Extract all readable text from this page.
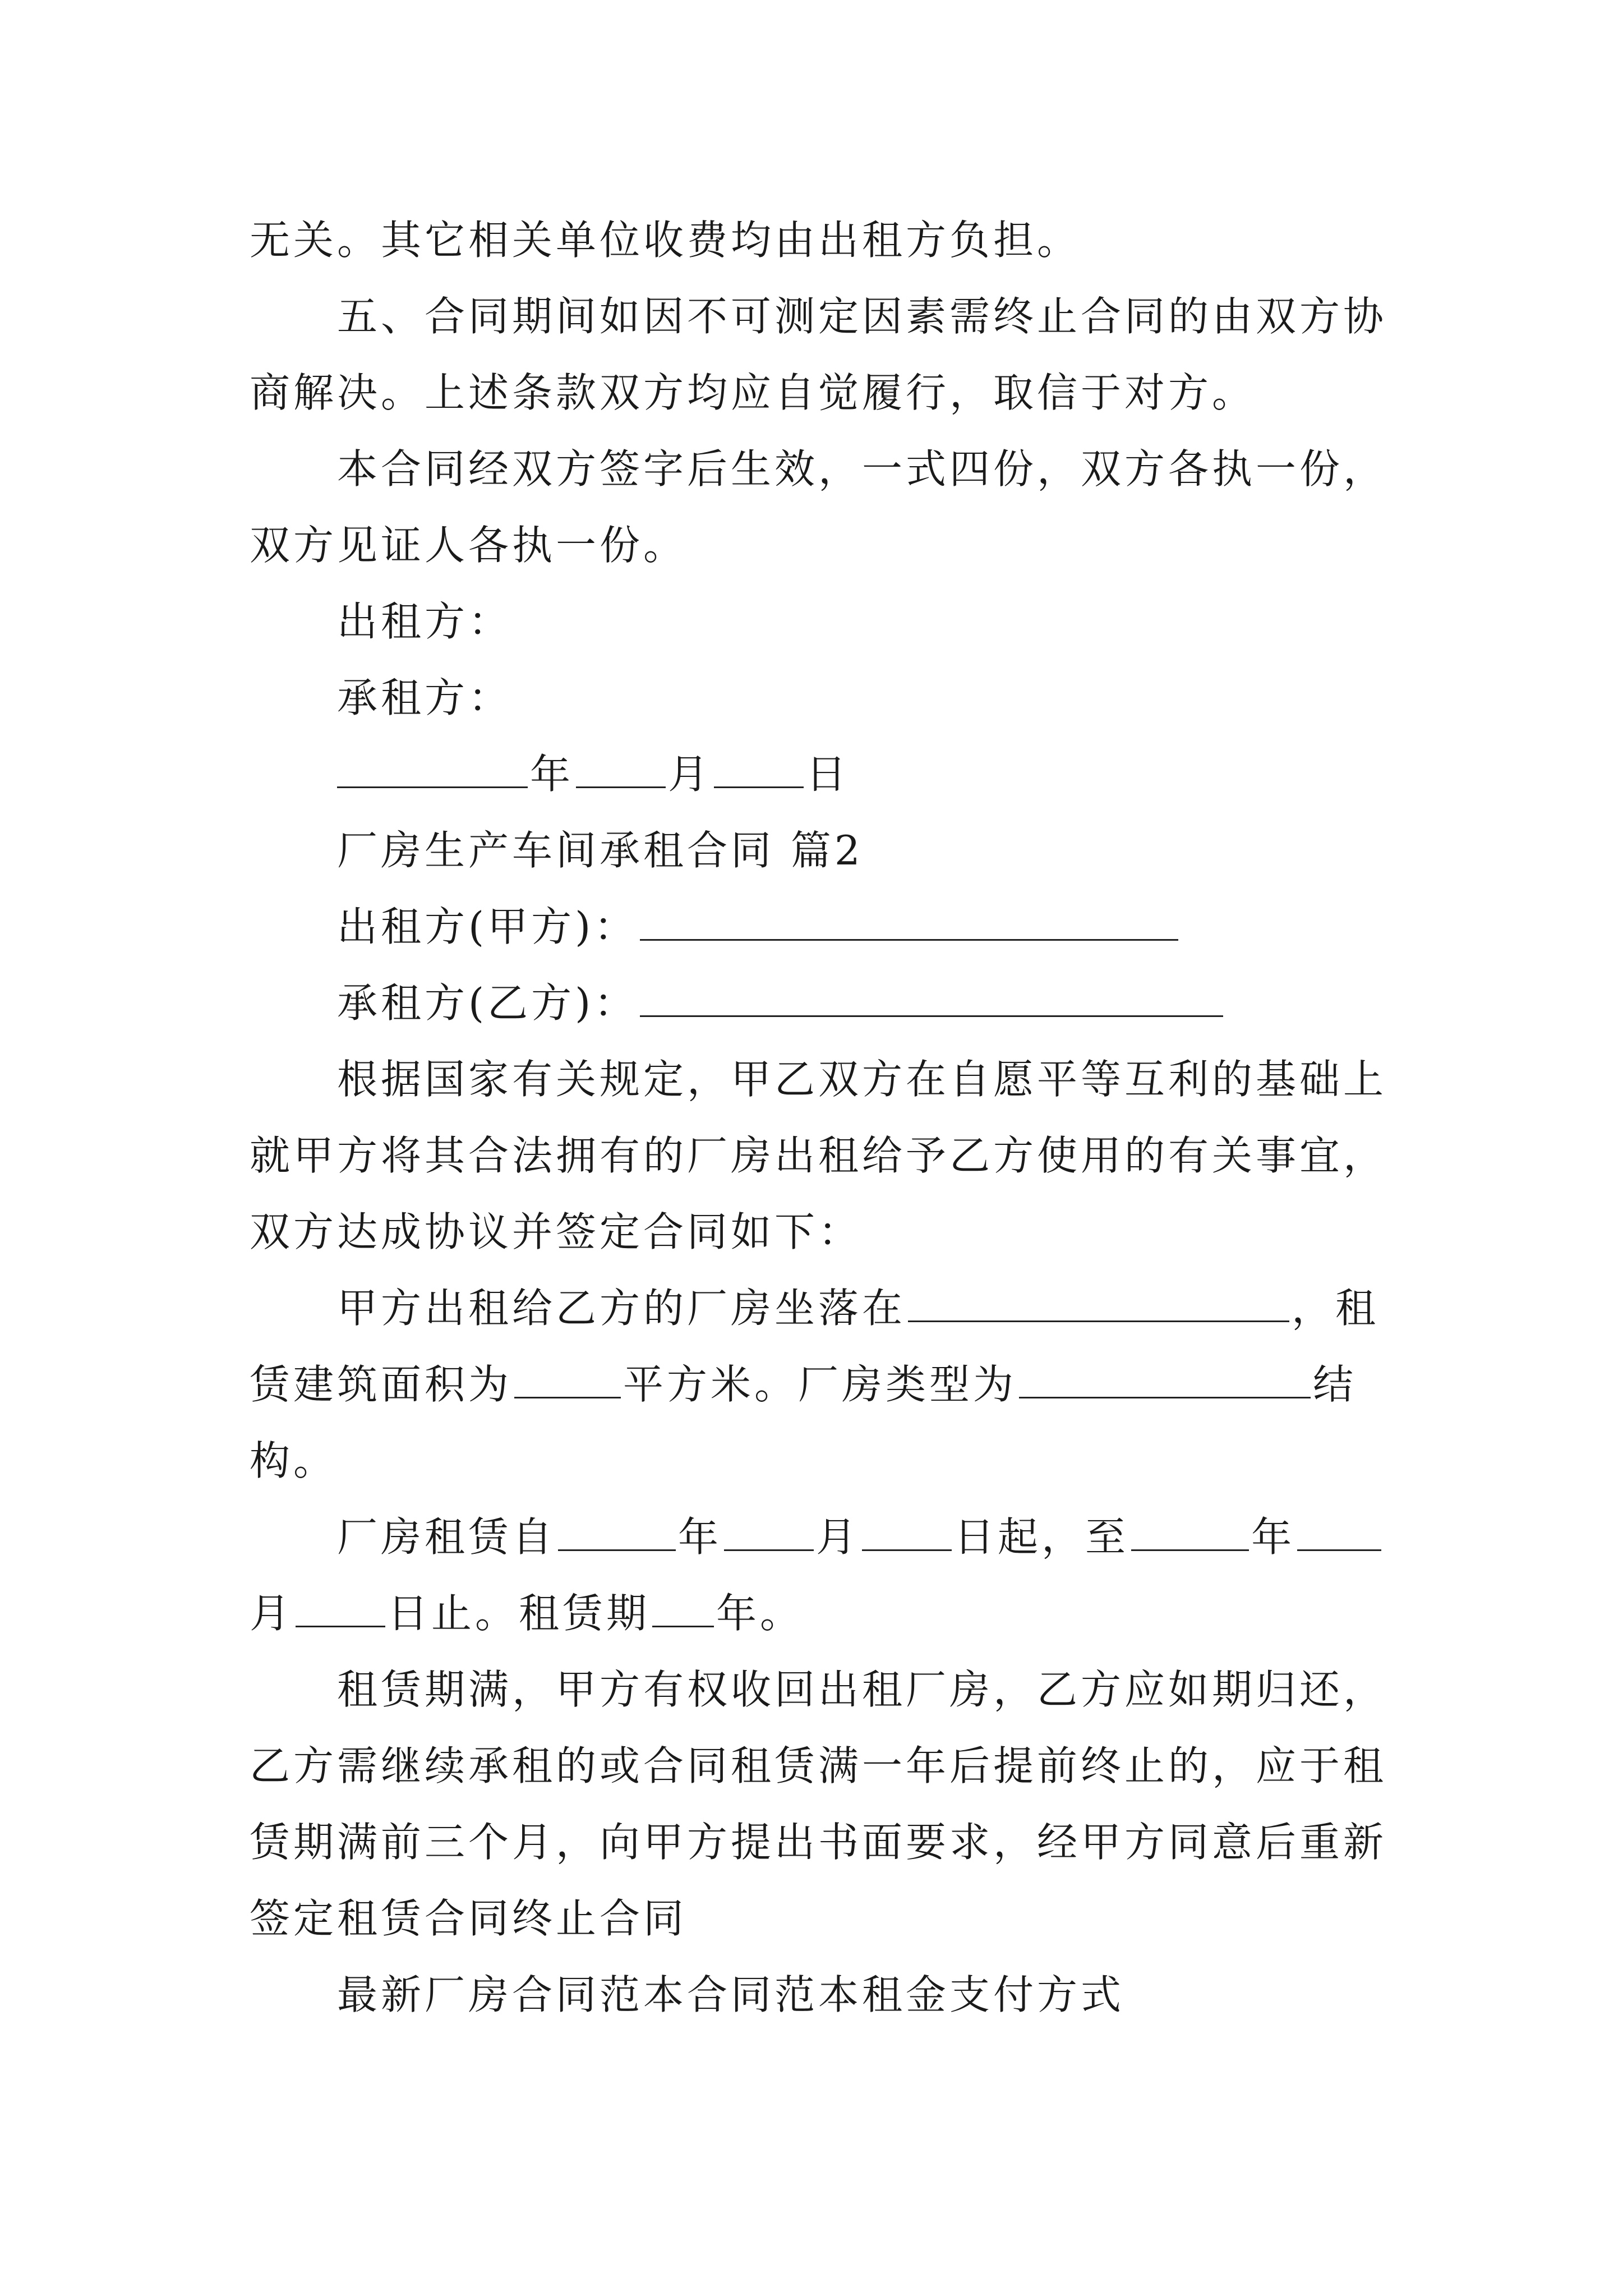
无关。其它相关单位收费均由出租方负担。
五、合同期间如因不可测定因素需终止合同的由双方协
商解决。上述条款双方均应自觉履行，取信于对方。
本合同经双方签字后生效，一式四份，双方各执一份，
双方见证人各执一份。
出租方：
承租方：
年 月 日
厂房生产车间承租合同 篇2
出租方(甲方)：
承租方(乙方)：
根据国家有关规定，甲乙双方在自愿平等互利的基础上
就甲方将其合法拥有的厂房出租给予乙方使用的有关事宜，
双方达成协议并签定合同如下：
甲方出租给乙方的厂房坐落在	，租
赁建筑面积为	平方米。厂房类型为	结
构。
厂房租赁自	年 月 日起，至	年
月 日止。租赁期 年。
租赁期满，甲方有权收回出租厂房，乙方应如期归还，
乙方需继续承租的或合同租赁满一年后提前终止的，应于租
赁期满前三个月，向甲方提出书面要求，经甲方同意后重新
签定租赁合同终止合同
最新厂房合同范本合同范本租金支付方式
